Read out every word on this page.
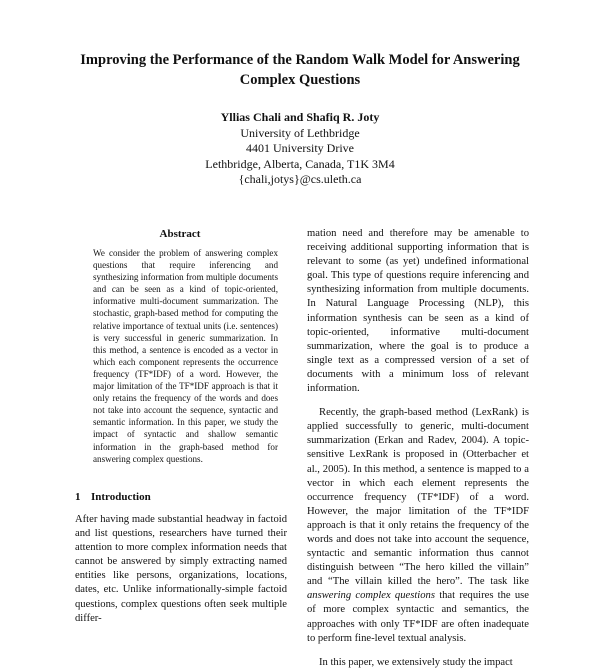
Improving the Performance of the Random Walk Model for Answering Complex Questions
Yllias Chali and Shafiq R. Joty
University of Lethbridge
4401 University Drive
Lethbridge, Alberta, Canada, T1K 3M4
{chali,jotys}@cs.uleth.ca
Abstract

We consider the problem of answering complex questions that require inferencing and synthesizing information from multiple documents and can be seen as a kind of topic-oriented, informative multi-document summarization. The stochastic, graph-based method for computing the relative importance of textual units (i.e. sentences) is very successful in generic summarization. In this method, a sentence is encoded as a vector in which each component represents the occurrence frequency (TF*IDF) of a word. However, the major limitation of the TF*IDF approach is that it only retains the frequency of the words and does not take into account the sequence, syntactic and semantic information. In this paper, we study the impact of syntactic and shallow semantic information in the graph-based method for answering complex questions.

1 Introduction

After having made substantial headway in factoid and list questions, researchers have turned their attention to more complex information needs that cannot be answered by simply extracting named entities like persons, organizations, locations, dates, etc. Unlike informationally-simple factoid questions, complex questions often seek multiple differ-

mation need and therefore may be amenable to receiving additional supporting information that is relevant to some (as yet) undefined informational goal. This type of questions require inferencing and synthesizing information from multiple documents. In Natural Language Processing (NLP), this information synthesis can be seen as a kind of topic-oriented, informative multi-document summarization, where the goal is to produce a single text as a compressed version of a set of documents with a minimum loss of relevant information.

Recently, the graph-based method (LexRank) is applied successfully to generic, multi-document summarization (Erkan and Radev, 2004). A topic-sensitive LexRank is proposed in (Otterbacher et al., 2005). In this method, a sentence is mapped to a vector in which each element represents the occurrence frequency (TF*IDF) of a word. However, the major limitation of the TF*IDF approach is that it only retains the frequency of the words and does not take into account the sequence, syntactic and semantic information thus cannot distinguish between “The hero killed the villain” and “The villain killed the hero”. The task like answering complex questions that requires the use of more complex syntactic and semantics, the approaches with only TF*IDF are often inadequate to perform fine-level textual analysis.

In this paper, we extensively study the impact
